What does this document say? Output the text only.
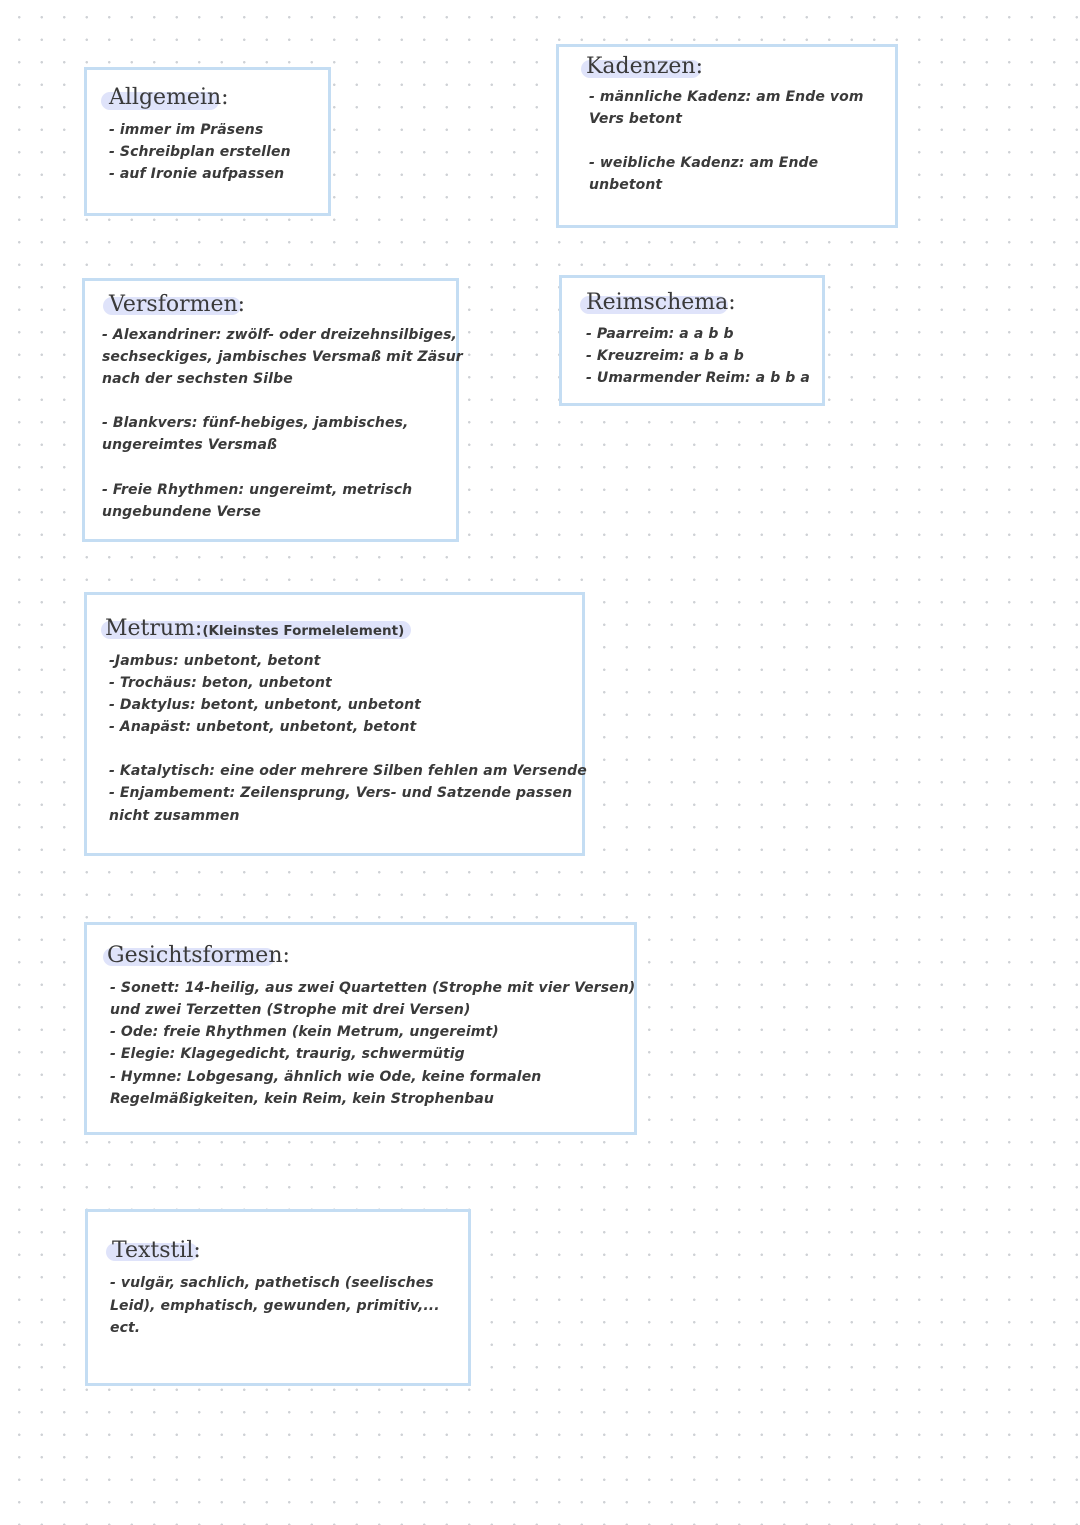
Allgemein:
- immer im Präsens
- Schreibplan erstellen
- auf Ironie aufpassen
Kadenzen:
- männliche Kadenz: am Ende vom
Vers betont
- weibliche Kadenz: am Ende
unbetont
Versformen:
- Alexandriner: zwölf- oder dreizehnsilbiges,
sechseckiges, jambisches Versmaß mit Zäsur
nach der sechsten Silbe
- Blankvers: fünf-hebiges, jambisches,
ungereimtes Versmaß
- Freie Rhythmen: ungereimt, metrisch
ungebundene Verse
Reimschema:
- Paarreim: a a b b
- Kreuzreim: a b a b
- Umarmender Reim: a b b a
Metrum:(Kleinstes Formelelement)
-Jambus: unbetont, betont
- Trochäus: beton, unbetont
- Daktylus: betont, unbetont, unbetont
- Anapäst: unbetont, unbetont, betont
- Katalytisch: eine oder mehrere Silben fehlen am Versende
- Enjambement: Zeilensprung, Vers- und Satzende passen
nicht zusammen
Gesichtsformen:
- Sonett: 14-heilig, aus zwei Quartetten (Strophe mit vier Versen)
und zwei Terzetten (Strophe mit drei Versen)
- Ode: freie Rhythmen (kein Metrum, ungereimt)
- Elegie: Klagegedicht, traurig, schwermütig
- Hymne: Lobgesang, ähnlich wie Ode, keine formalen
Regelmäßigkeiten, kein Reim, kein Strophenbau
Textstil:
- vulgär, sachlich, pathetisch (seelisches
Leid), emphatisch, gewunden, primitiv,...
ect.
